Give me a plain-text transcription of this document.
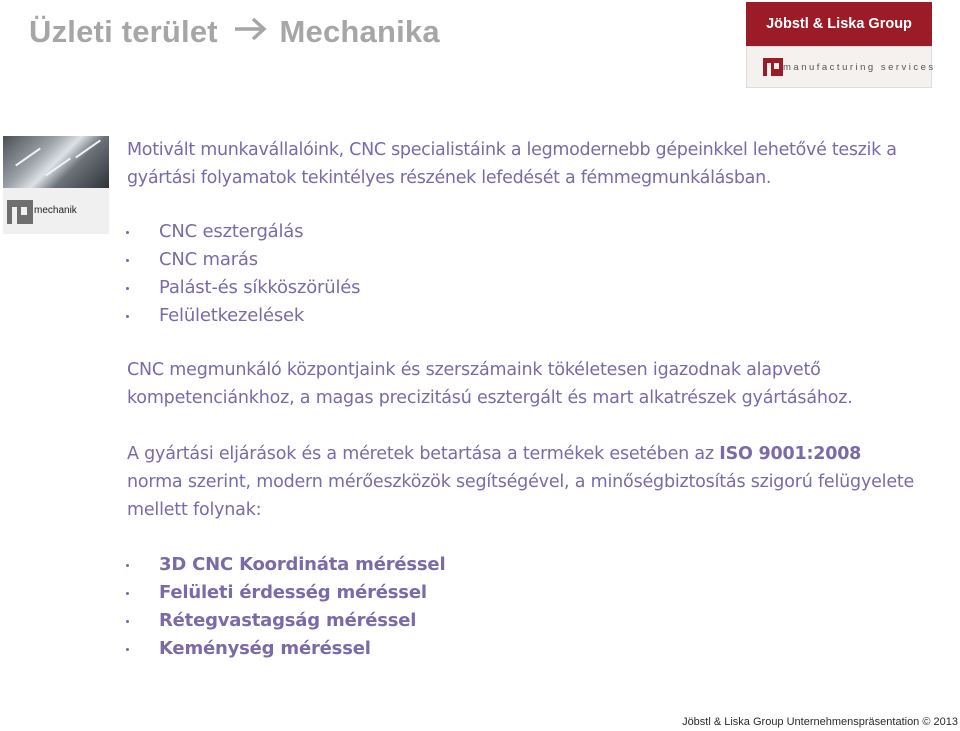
Üzleti terület Mechanika	Jöbstl & Liska Group
manufacturing services
mechanik

Motivált munkavállalóink, CNC specialistáink a legmodernebb gépeinkkel lehetővé teszik a gyártási folyamatok tekintélyes részének lefedését a fémmegmunkálásban.

CNC esztergálás
CNC marás
Palást-és síkköszörülés
Felületkezelések

CNC megmunkáló központjaink és szerszámaink tökéletesen igazodnak alapvető kompetenciánkhoz, a magas precizitású esztergált és mart alkatrészek gyártásához.

A gyártási eljárások és a méretek betartása a termékek esetében az ISO 9001:2008 norma szerint, modern mérőeszközök segítségével, a minőségbiztosítás szigorú felügyelete mellett folynak:

3D CNC Koordináta méréssel
Felületi érdesség méréssel
Rétegvastagság méréssel
Keménység méréssel
Jöbstl & Liska Group Unternehmenspräsentation © 2013
